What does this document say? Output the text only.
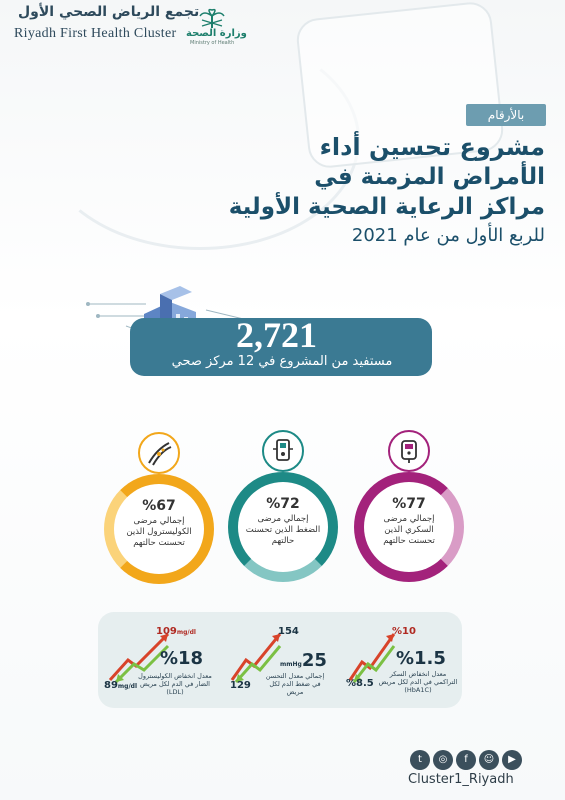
تجمع الرياض الصحي الأول
Riyadh First Health Cluster وزارة الصحة
Ministry of Health
بالأرقام
مشروع تحسين أداء
الأمراض المزمنة في
مراكز الرعاية الصحية الأولية
للربع الأول من عام 2021
2,721
مستفيد من المشروع في 12 مركز صحي
%67
إجمالي مرضى الكوليسترول الذين تحسنت حالتهم
%72
إجمالي مرضى الضغط الذين تحسنت حالتهم
%77
إجمالي مرضى السكري الذين تحسنت حالتهم
109mg/dl
89mg/dl
%18
معدل انخفاض الكوليسترول الضار في الدم لكل مريض (LDL)
154
129
mmHg25
إجمالي معدل التحسن في ضغط الدم لكل مريض
%10
%8.5
%1.5
معدل انخفاض السكر التراكمي في الدم لكل مريض (HbA1C)
t	◎	f	☺	▶
Cluster1_Riyadh
